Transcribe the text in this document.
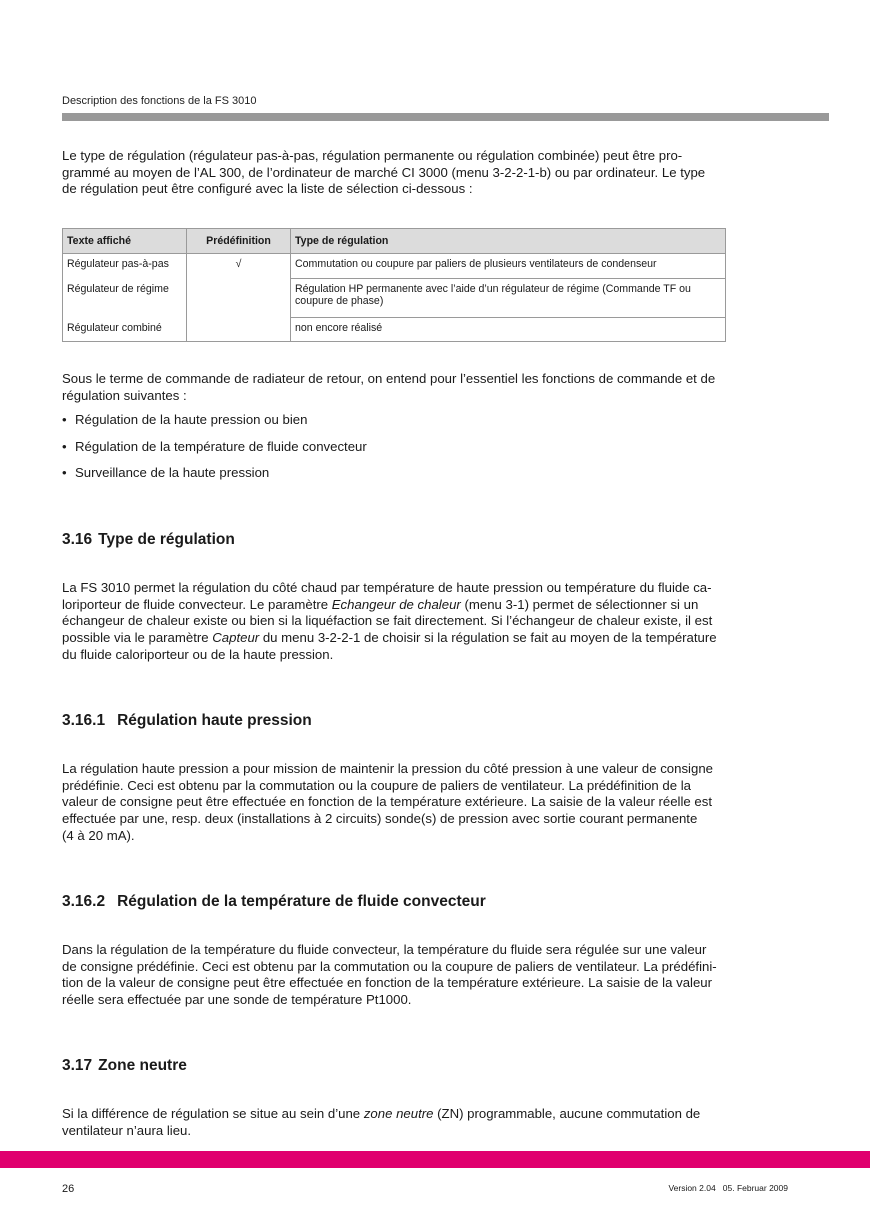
Description des fonctions de la FS 3010
Le type de régulation (régulateur pas-à-pas, régulation permanente ou régulation combinée) peut être pro-
grammé au moyen de l’AL 300, de l’ordinateur de marché CI 3000 (menu 3-2-2-1-b) ou par ordinateur. Le type
de régulation peut être configuré avec la liste de sélection ci-dessous :
Texte affiché	Prédéfinition	Type de régulation
Régulateur pas-à-pas	√	Commutation ou coupure par paliers de plusieurs ventilateurs de condenseur
Régulateur de régime		Régulation HP permanente avec l’aide d’un régulateur de régime (Commande TF ou coupure de phase)
Régulateur combiné		non encore réalisé
Sous le terme de commande de radiateur de retour, on entend pour l’essentiel les fonctions de commande et de
régulation suivantes :
• Régulation de la haute pression ou bien
• Régulation de la température de fluide convecteur
• Surveillance de la haute pression
3.16 Type de régulation
La FS 3010 permet la régulation du côté chaud par température de haute pression ou température du fluide ca-
loriporteur de fluide convecteur. Le paramètre Echangeur de chaleur (menu 3-1) permet de sélectionner si un
échangeur de chaleur existe ou bien si la liquéfaction se fait directement. Si l’échangeur de chaleur existe, il est
possible via le paramètre Capteur du menu 3-2-2-1 de choisir si la régulation se fait au moyen de la température
du fluide caloriporteur ou de la haute pression.
3.16.1 Régulation haute pression
La régulation haute pression a pour mission de maintenir la pression du côté pression à une valeur de consigne
prédéfinie. Ceci est obtenu par la commutation ou la coupure de paliers de ventilateur. La prédéfinition de la
valeur de consigne peut être effectuée en fonction de la température extérieure. La saisie de la valeur réelle est
effectuée par une, resp. deux (installations à 2 circuits) sonde(s) de pression avec sortie courant permanente
(4 à 20 mA).
3.16.2 Régulation de la température de fluide convecteur
Dans la régulation de la température du fluide convecteur, la température du fluide sera régulée sur une valeur
de consigne prédéfinie. Ceci est obtenu par la commutation ou la coupure de paliers de ventilateur. La prédéfini-
tion de la valeur de consigne peut être effectuée en fonction de la température extérieure. La saisie de la valeur
réelle sera effectuée par une sonde de température Pt1000.
3.17 Zone neutre
Si la différence de régulation se situe au sein d’une zone neutre (ZN) programmable, aucune commutation de
ventilateur n’aura lieu.
26	Version 2.04   05. Februar 2009
